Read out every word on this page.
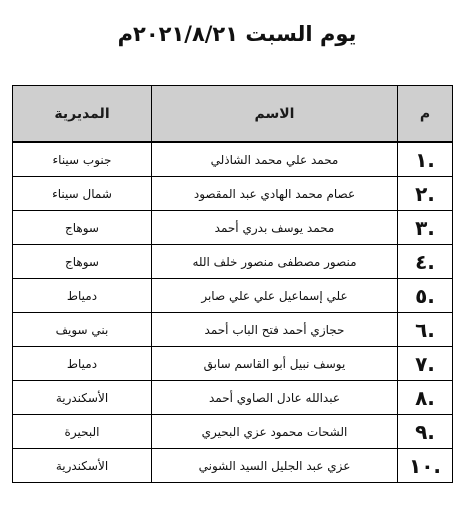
يوم السبت ٢٠٢١/٨/٢١م
م	الاسم	المديرية
.١	محمد علي محمد الشاذلي	جنوب سيناء
.٢	عصام محمد الهادي عبد المقصود	شمال سيناء
.٣	محمد يوسف بدري أحمد	سوهاج
.٤	منصور مصطفى منصور خلف الله	سوهاج
.٥	علي إسماعيل علي علي صابر	دمياط
.٦	حجازي أحمد فتح الباب أحمد	بني سويف
.٧	يوسف نبيل أبو القاسم سابق	دمياط
.٨	عبدالله عادل الصاوي أحمد	الأسكندرية
.٩	الشحات محمود عزي البحيري	البحيرة
.١٠	عزي عبد الجليل السيد الشوني	الأسكندرية
